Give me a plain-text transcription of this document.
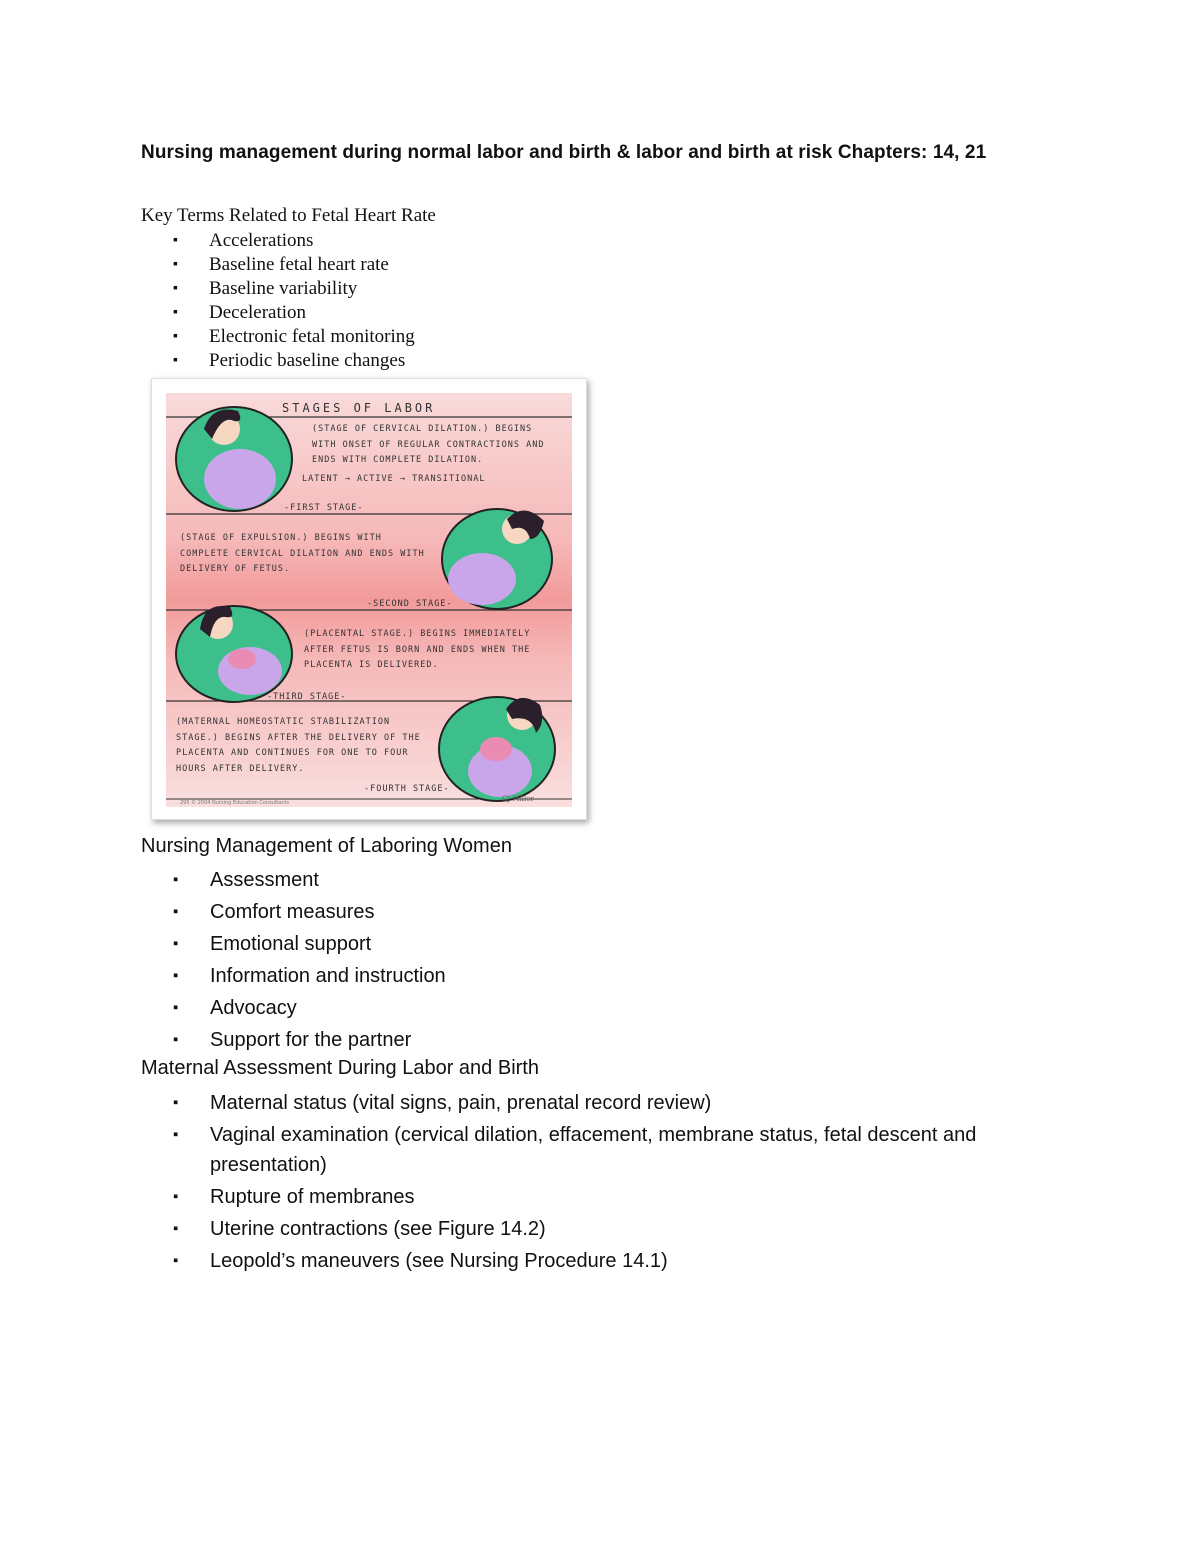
Nursing management during normal labor and birth & labor and birth at risk Chapters: 14, 21
Key Terms Related to Fetal Heart Rate
▪ Accelerations
▪ Baseline fetal heart rate
▪ Baseline variability
▪ Deceleration
▪ Electronic fetal monitoring
▪ Periodic baseline changes
STAGES OF LABOR
(STAGE OF CERVICAL DILATION.) BEGINS WITH ONSET OF REGULAR CONTRACTIONS AND ENDS WITH COMPLETE DILATION.
LATENT → ACTIVE → TRANSITIONAL
-FIRST STAGE-
(STAGE OF EXPULSION.) BEGINS WITH COMPLETE CERVICAL DILATION AND ENDS WITH DELIVERY OF FETUS.
-SECOND STAGE-
(PLACENTAL STAGE.) BEGINS IMMEDIATELY AFTER FETUS IS BORN AND ENDS WHEN THE PLACENTA IS DELIVERED.
-THIRD STAGE-
(MATERNAL HOMEOSTATIC STABILIZATION STAGE.) BEGINS AFTER THE DELIVERY OF THE PLACENTA AND CONTINUES FOR ONE TO FOUR HOURS AFTER DELIVERY.
-FOURTH STAGE-
295 © 2004 Nursing Education Consultants	CJ Miller
Nursing Management of Laboring Women
▪ Assessment
▪ Comfort measures
▪ Emotional support
▪ Information and instruction
▪ Advocacy
▪ Support for the partner
Maternal Assessment During Labor and Birth
▪ Maternal status (vital signs, pain, prenatal record review)
▪ Vaginal examination (cervical dilation, effacement, membrane status, fetal descent and presentation)
▪ Rupture of membranes
▪ Uterine contractions (see Figure 14.2)
▪ Leopold’s maneuvers (see Nursing Procedure 14.1)
